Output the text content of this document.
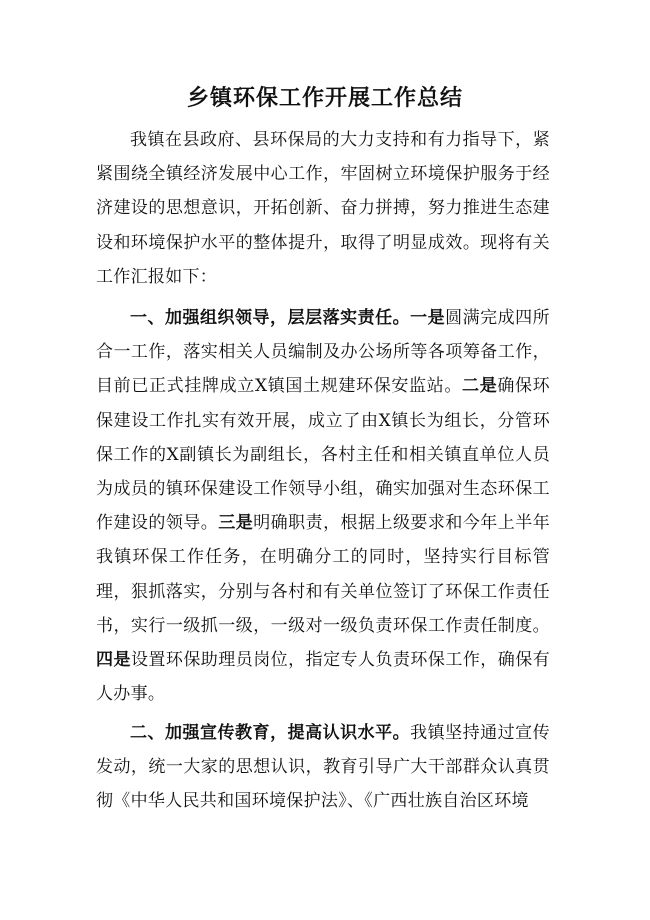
乡镇环保工作开展工作总结

我镇在县政府、县环保局的大力支持和有力指导下，紧紧围绕全镇经济发展中心工作，牢固树立环境保护服务于经济建设的思想意识，开拓创新、奋力拼搏，努力推进生态建设和环境保护水平的整体提升，取得了明显成效。现将有关工作汇报如下：

一、加强组织领导，层层落实责任。一是圆满完成四所合一工作，落实相关人员编制及办公场所等各项筹备工作，目前已正式挂牌成立X镇国土规建环保安监站。二是确保环保建设工作扎实有效开展，成立了由X镇长为组长，分管环保工作的X副镇长为副组长，各村主任和相关镇直单位人员为成员的镇环保建设工作领导小组，确实加强对生态环保工作建设的领导。三是明确职责，根据上级要求和今年上半年我镇环保工作任务，在明确分工的同时，坚持实行目标管理，狠抓落实，分别与各村和有关单位签订了环保工作责任书，实行一级抓一级，一级对一级负责环保工作责任制度。四是设置环保助理员岗位，指定专人负责环保工作，确保有人办事。

二、加强宣传教育，提高认识水平。我镇坚持通过宣传发动，统一大家的思想认识，教育引导广大干部群众认真贯彻《中华人民共和国环境保护法》、《广西壮族自治区环境
